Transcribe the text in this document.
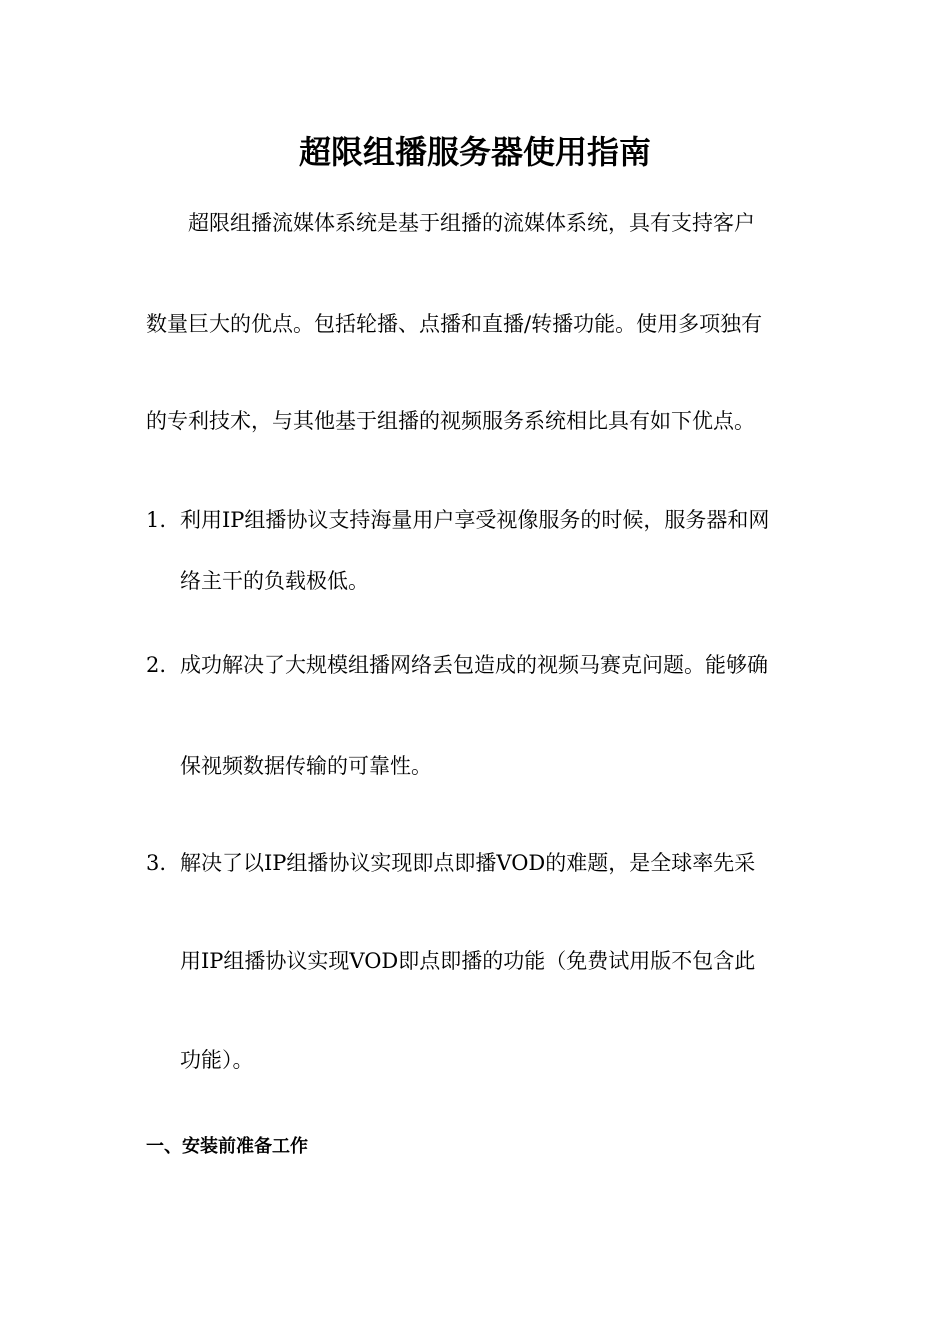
超限组播服务器使用指南
超限组播流媒体系统是基于组播的流媒体系统，具有支持客户
数量巨大的优点。包括轮播、点播和直播/转播功能。使用多项独有
的专利技术，与其他基于组播的视频服务系统相比具有如下优点。
1. 利用IP组播协议支持海量用户享受视像服务的时候，服务器和网
络主干的负载极低。
2. 成功解决了大规模组播网络丢包造成的视频马赛克问题。能够确
保视频数据传输的可靠性。
3. 解决了以IP组播协议实现即点即播VOD的难题，是全球率先采
用IP组播协议实现VOD即点即播的功能（免费试用版不包含此
功能）。
一、安装前准备工作
